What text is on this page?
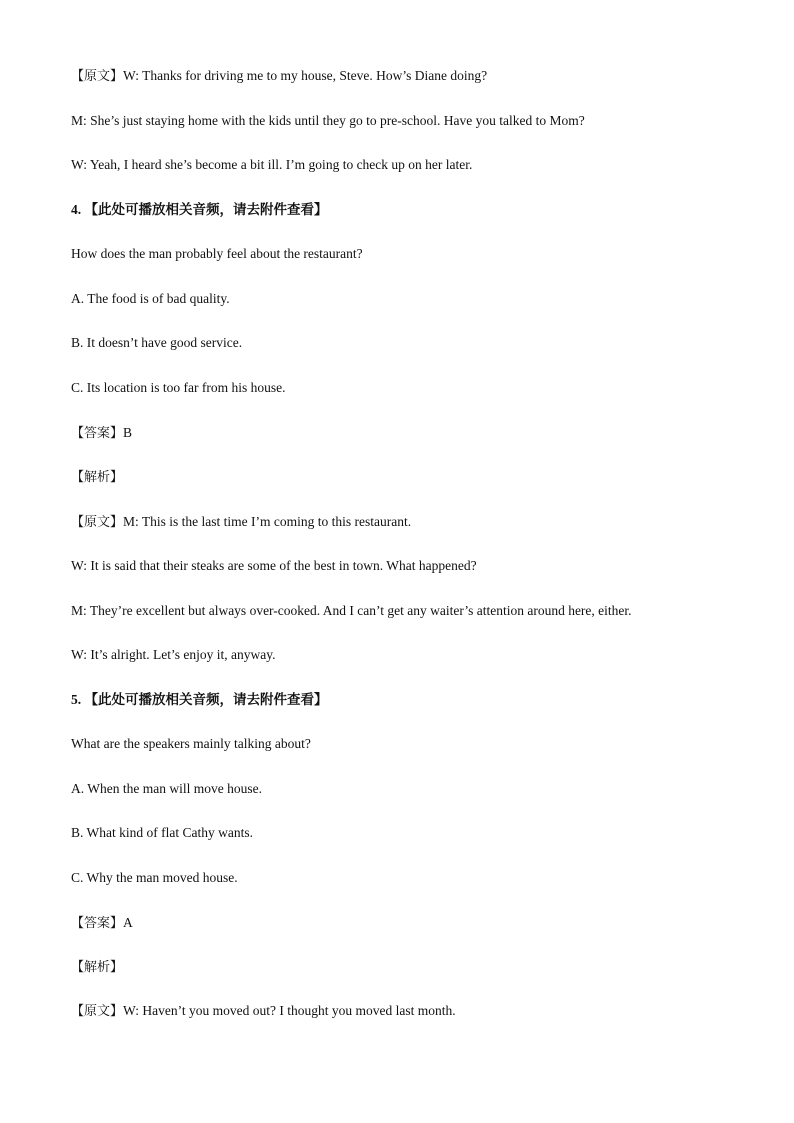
【原文】W: Thanks for driving me to my house, Steve. How’s Diane doing?
M: She’s just staying home with the kids until they go to pre-school. Have you talked to Mom?
W: Yeah, I heard she’s become a bit ill. I’m going to check up on her later.
4. 【此处可播放相关音频，请去附件查看】
How does the man probably feel about the restaurant?
A. The food is of bad quality.
B. It doesn’t have good service.
C. Its location is too far from his house.
【答案】B
【解析】
【原文】M: This is the last time I’m coming to this restaurant.
W: It is said that their steaks are some of the best in town. What happened?
M: They’re excellent but always over-cooked. And I can’t get any waiter’s attention around here, either.
W: It’s alright. Let’s enjoy it, anyway.
5. 【此处可播放相关音频，请去附件查看】
What are the speakers mainly talking about?
A. When the man will move house.
B. What kind of flat Cathy wants.
C. Why the man moved house.
【答案】A
【解析】
【原文】W: Haven’t you moved out? I thought you moved last month.
